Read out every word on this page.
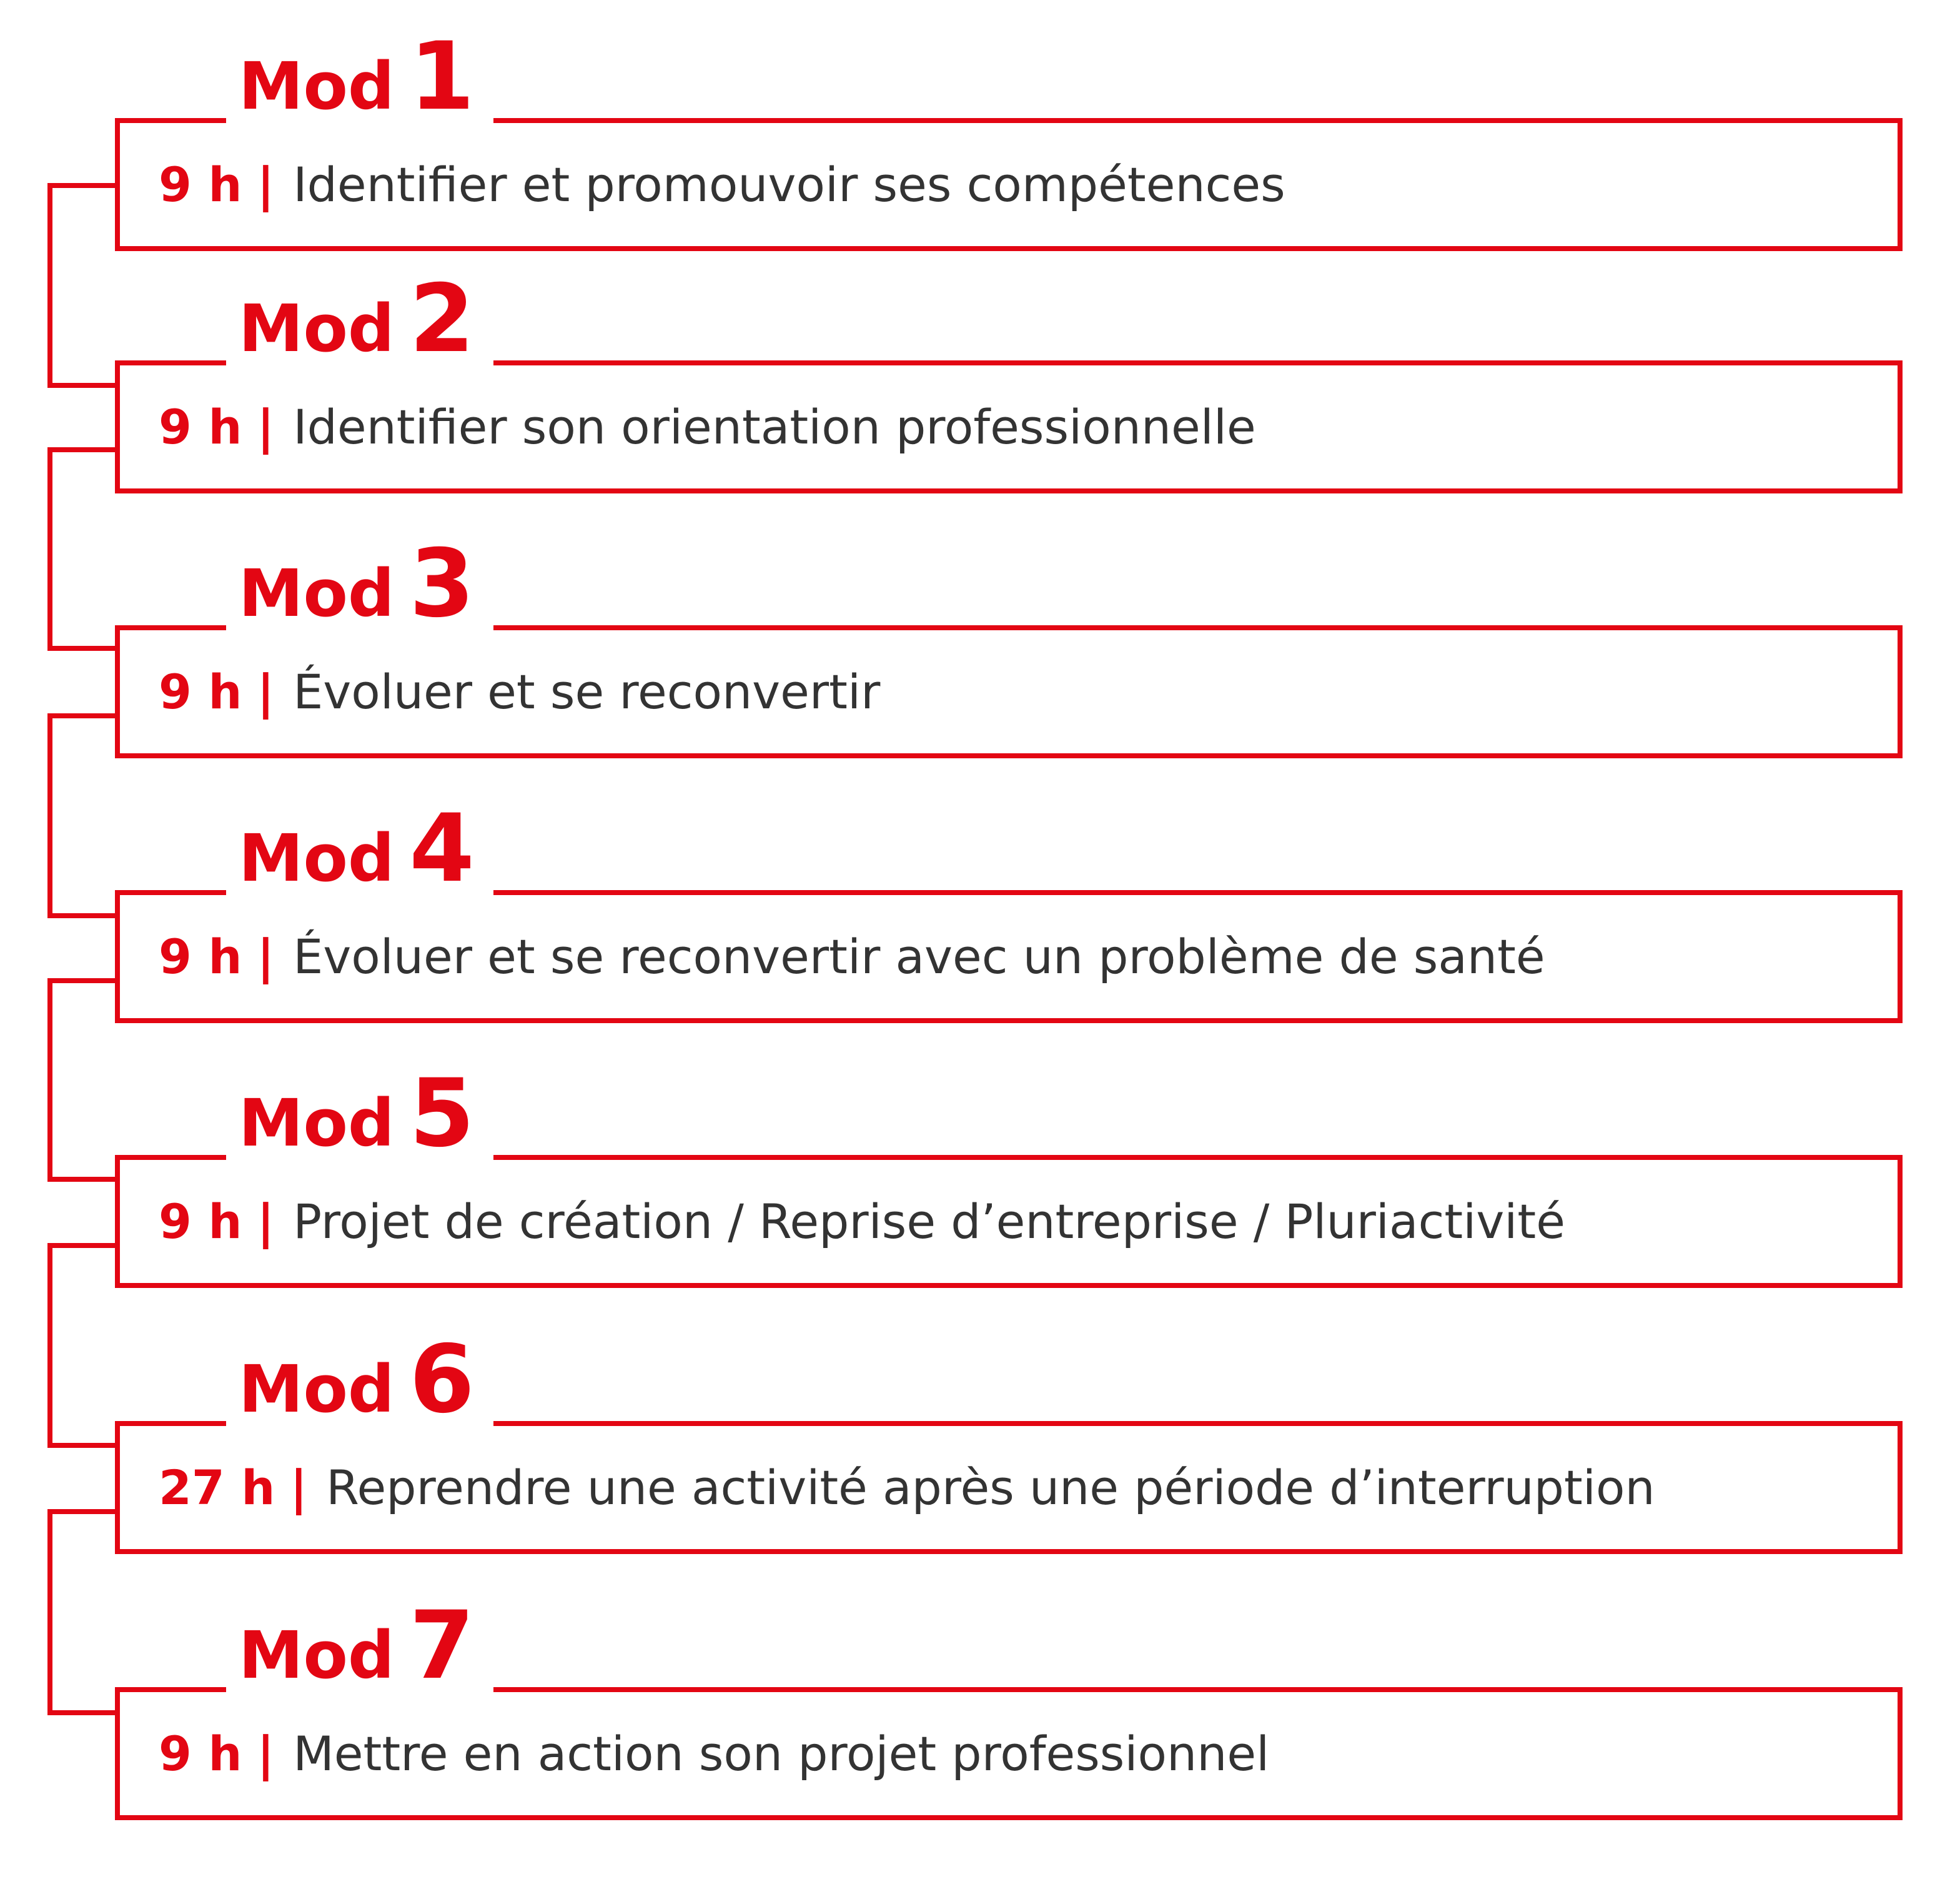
Mod 1
9 h | Identifier et promouvoir ses compétences
Mod 2
9 h | Identifier son orientation professionnelle
Mod 3
9 h | Évoluer et se reconvertir
Mod 4
9 h | Évoluer et se reconvertir avec un problème de santé
Mod 5
9 h | Projet de création / Reprise d’entreprise / Pluriactivité
Mod 6
27 h | Reprendre une activité après une période d’interruption
Mod 7
9 h | Mettre en action son projet professionnel
